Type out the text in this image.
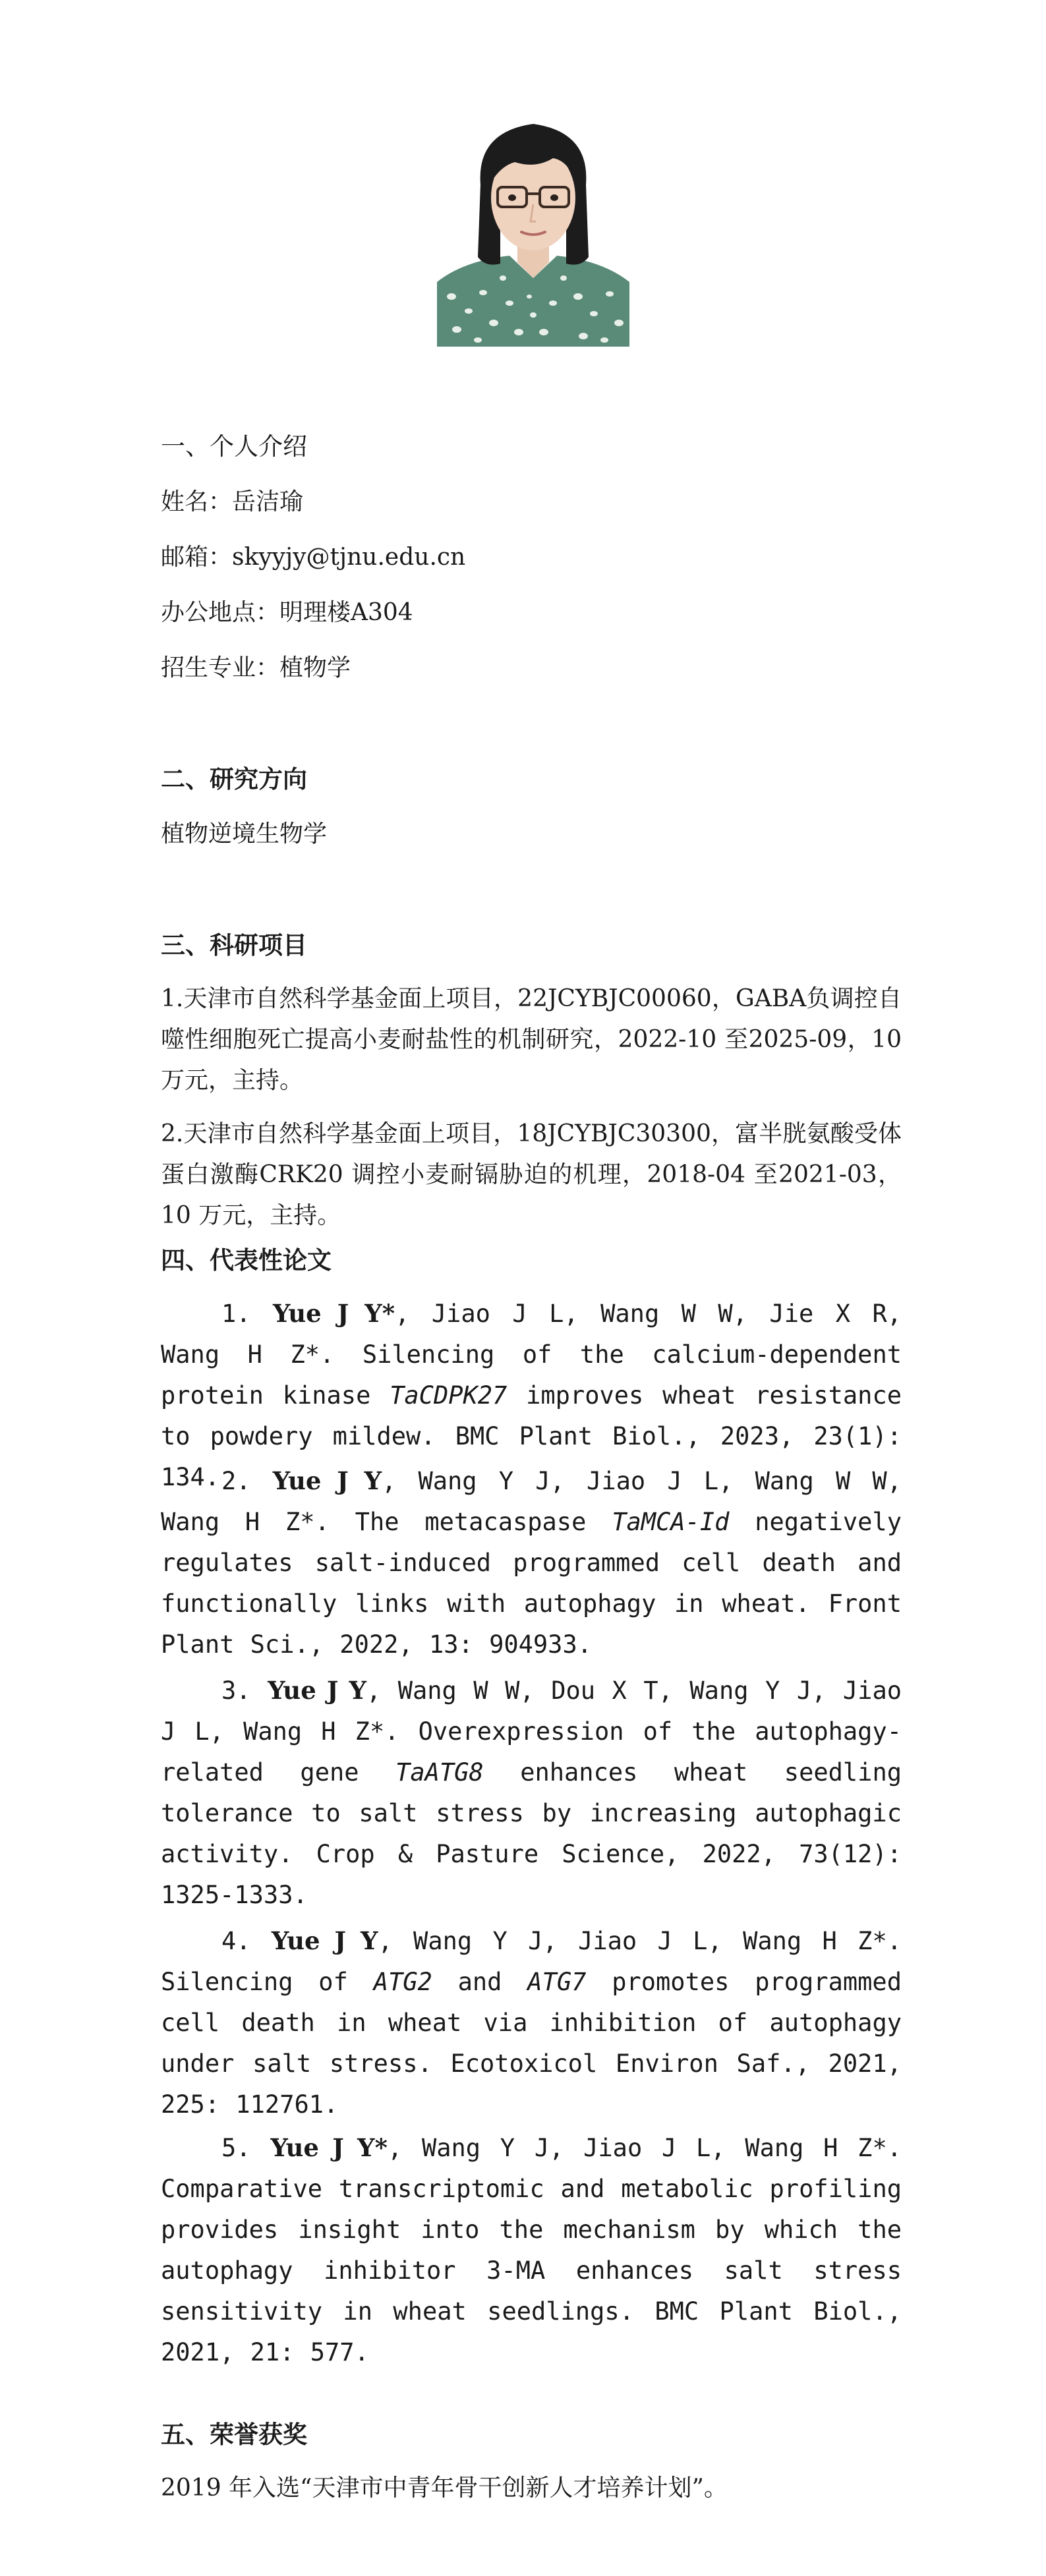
一、个人介绍
姓名：岳洁瑜
邮箱：skyyjy@tjnu.edu.cn
办公地点：明理楼A304
招生专业：植物学
二、研究方向
植物逆境生物学
三、科研项目

1.天津市自然科学基金面上项目，22JCYBJC00060，GABA负调控自噬性细胞死亡提高小麦耐盐性的机制研究，2022-10 至2025-09，10 万元，主持。

2.天津市自然科学基金面上项目，18JCYBJC30300，富半胱氨酸受体蛋白激酶CRK20 调控小麦耐镉胁迫的机理，2018-04 至2021-03，10 万元，主持。

四、代表性论文

1. Yue J Y*, Jiao J L, Wang W W, Jie X R, Wang H Z*. Silencing of the calcium-dependent protein kinase TaCDPK27 improves wheat resistance to powdery mildew. BMC Plant Biol., 2023, 23(1): 134. 2. Yue J Y, Wang Y J, Jiao J L, Wang W W, Wang H Z*. The metacaspase TaMCA-Id negatively regulates salt-induced programmed cell death and functionally links with autophagy in wheat. Front Plant Sci., 2022, 13: 904933.

3. Yue J Y, Wang W W, Dou X T, Wang Y J, Jiao J L, Wang H Z*. Overexpression of the autophagy-related gene TaATG8 enhances wheat seedling tolerance to salt stress by increasing autophagic activity. Crop & Pasture Science, 2022, 73(12): 1325-1333.

4. Yue J Y, Wang Y J, Jiao J L, Wang H Z*. Silencing of ATG2 and ATG7 promotes programmed cell death in wheat via inhibition of autophagy under salt stress. Ecotoxicol Environ Saf., 2021, 225: 112761.

5. Yue J Y*, Wang Y J, Jiao J L, Wang H Z*. Comparative transcriptomic and metabolic profiling provides insight into the mechanism by which the autophagy inhibitor 3-MA enhances salt stress sensitivity in wheat seedlings. BMC Plant Biol., 2021, 21: 577.

五、荣誉获奖
2019 年入选“天津市中青年骨干创新人才培养计划”。
